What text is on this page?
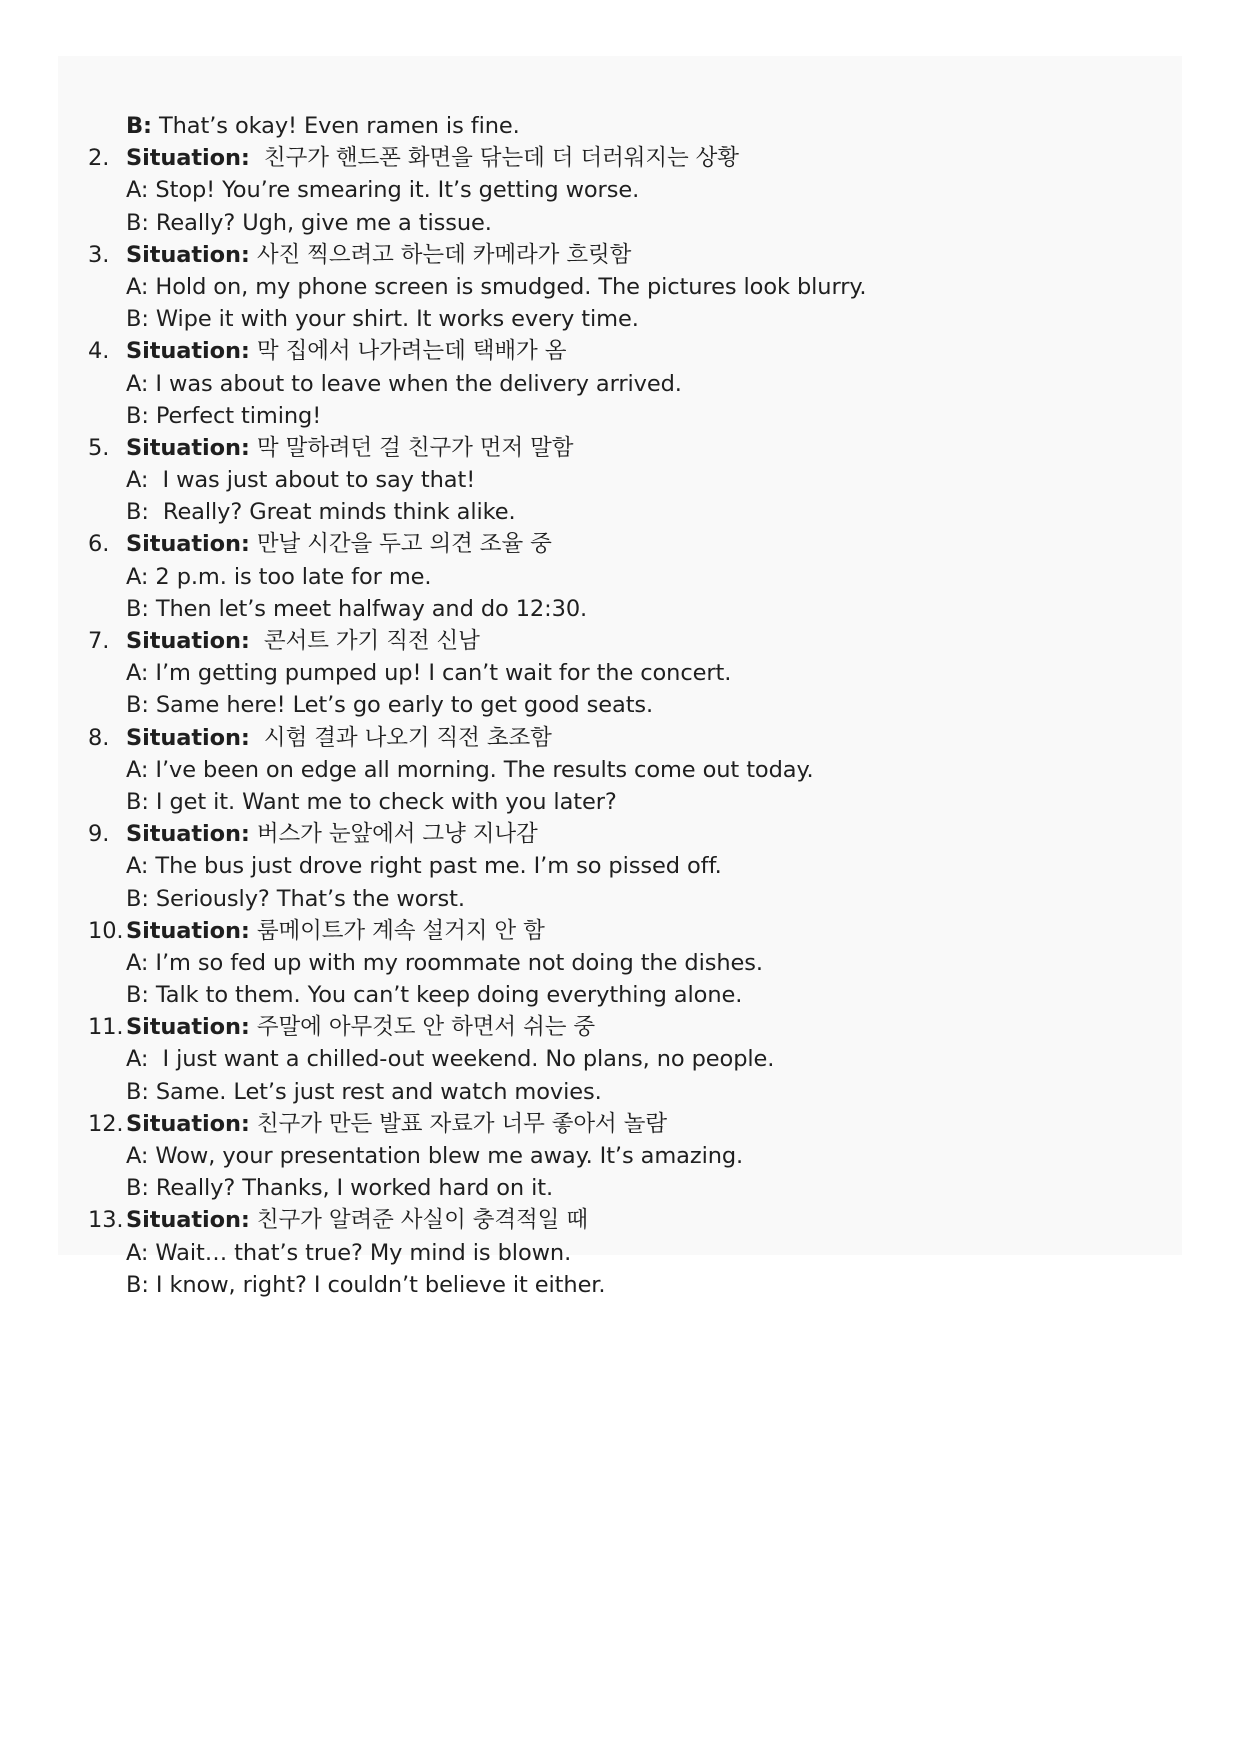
B: That’s okay! Even ramen is fine.

2. Situation:  친구가 핸드폰 화면을 닦는데 더 더러워지는 상황
A: Stop! You’re smearing it. It’s getting worse.
B: Really? Ugh, give me a tissue.
3. Situation: 사진 찍으려고 하는데 카메라가 흐릿함
A: Hold on, my phone screen is smudged. The pictures look blurry.
B: Wipe it with your shirt. It works every time.
4. Situation: 막 집에서 나가려는데 택배가 옴
A: I was about to leave when the delivery arrived.
B: Perfect timing!
5. Situation: 막 말하려던 걸 친구가 먼저 말함
A:  I was just about to say that!
B:  Really? Great minds think alike.
6. Situation: 만날 시간을 두고 의견 조율 중
A: 2 p.m. is too late for me.
B: Then let’s meet halfway and do 12:30.
7. Situation:  콘서트 가기 직전 신남
A: I’m getting pumped up! I can’t wait for the concert.
B: Same here! Let’s go early to get good seats.
8. Situation:  시험 결과 나오기 직전 초조함
A: I’ve been on edge all morning. The results come out today.
B: I get it. Want me to check with you later?
9. Situation: 버스가 눈앞에서 그냥 지나감
A: The bus just drove right past me. I’m so pissed off.
B: Seriously? That’s the worst.
10. Situation: 룸메이트가 계속 설거지 안 함
A: I’m so fed up with my roommate not doing the dishes.
B: Talk to them. You can’t keep doing everything alone.
11. Situation: 주말에 아무것도 안 하면서 쉬는 중
A:  I just want a chilled-out weekend. No plans, no people.
B: Same. Let’s just rest and watch movies.
12. Situation: 친구가 만든 발표 자료가 너무 좋아서 놀람
A: Wow, your presentation blew me away. It’s amazing.
B: Really? Thanks, I worked hard on it.
13. Situation: 친구가 알려준 사실이 충격적일 때
A: Wait… that’s true? My mind is blown.
B: I know, right? I couldn’t believe it either.
